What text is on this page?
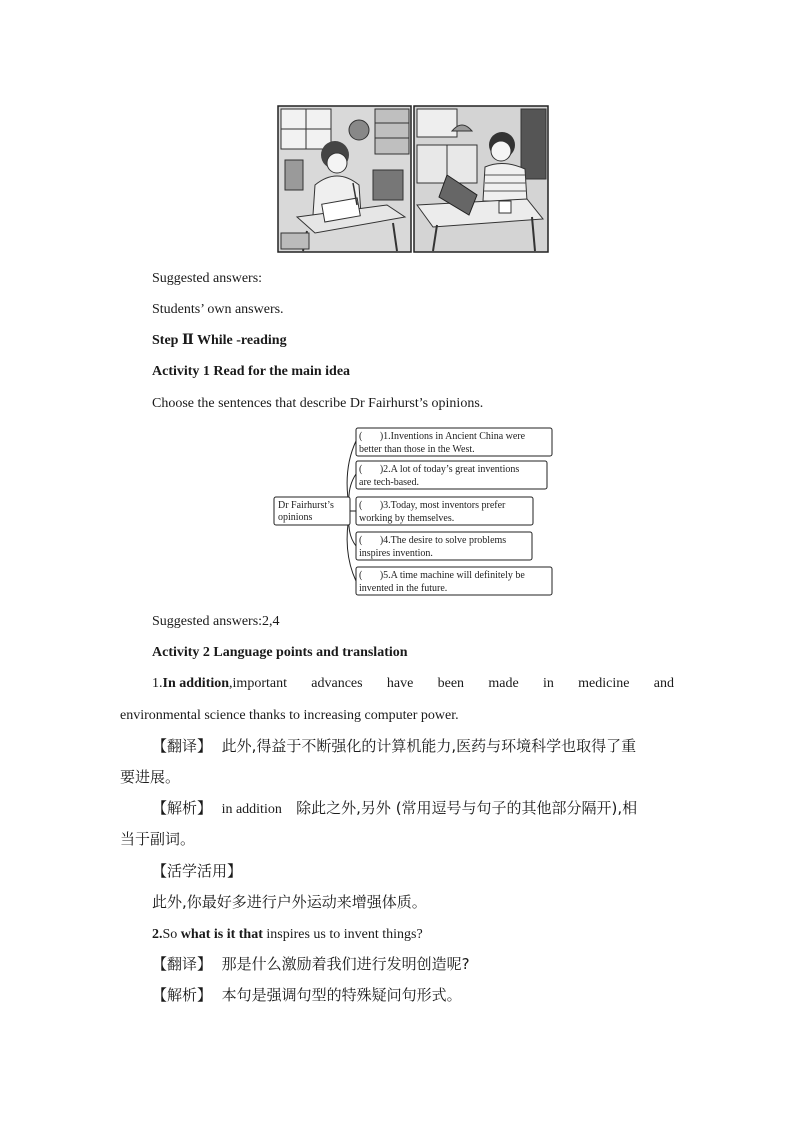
Suggested answers:
Students’ own answers.
Step Ⅱ While -reading
Activity 1 Read for the main idea
Choose the sentences that describe Dr Fairhurst’s opinions.
Dr Fairhurst’s
opinions
(       )1.Inventions in Ancient China were
better than those in the West.
(       )2.A lot of today’s great inventions
are tech-based.
(       )3.Today, most inventors prefer
working by themselves.
(       )4.The desire to solve problems
inspires invention.
(       )5.A time machine will definitely be
invented in the future.
Suggested answers:2,4
Activity 2 Language points and translation
1.In addition,important advances have been made in medicine and
environmental science thanks to increasing computer power.
【翻译】 此外,得益于不断强化的计算机能力,医药与环境科学也取得了重
要进展。
【解析】 in addition 除此之外,另外 (常用逗号与句子的其他部分隔开),相
当于副词。
【活学活用】
此外,你最好多进行户外运动来增强体质。
2.So what is it that inspires us to invent things?
【翻译】 那是什么激励着我们进行发明创造呢?
【解析】 本句是强调句型的特殊疑问句形式。
